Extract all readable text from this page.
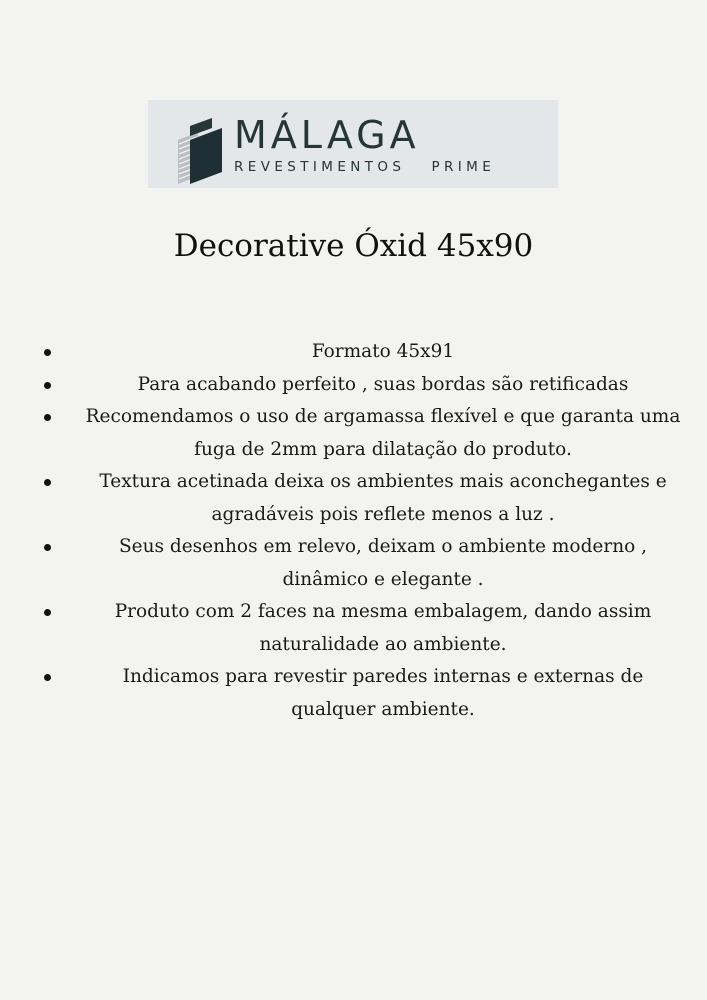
MÁLAGA
REVESTIMENTOS   PRIME
Decorative Óxid 45x90
Formato 45x91
Para acabando perfeito , suas bordas são retificadas
Recomendamos o uso de argamassa flexível e que garanta uma
fuga de 2mm para dilatação do produto.
Textura acetinada deixa os ambientes mais aconchegantes e
agradáveis pois reflete menos a luz .
Seus desenhos em relevo, deixam o ambiente moderno ,
dinâmico e elegante .
Produto com 2 faces na mesma embalagem, dando assim
naturalidade ao ambiente.
Indicamos para revestir paredes internas e externas de
qualquer ambiente.
